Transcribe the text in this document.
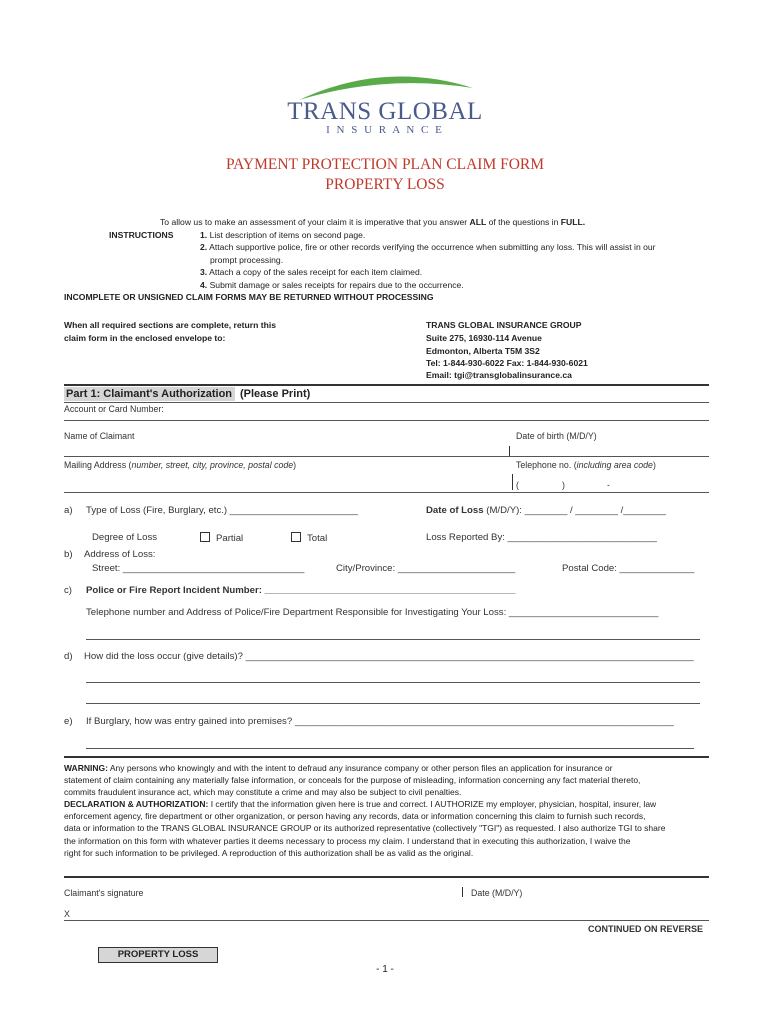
TRANS GLOBAL
I N S U R A N C E
PAYMENT PROTECTION PLAN CLAIM FORM
PROPERTY LOSS
To allow us to make an assessment of your claim it is imperative that you answer ALL of the questions in FULL.
INSTRUCTIONS	1. List description of items on second page.
2. Attach supportive police, fire or other records verifying the occurrence when submitting any loss. This will assist in our
prompt processing.
3. Attach a copy of the sales receipt for each item claimed.
4. Submit damage or sales receipts for repairs due to the occurrence.
INCOMPLETE OR UNSIGNED CLAIM FORMS MAY BE RETURNED WITHOUT PROCESSING
When all required sections are complete, return this
claim form in the enclosed envelope to:
TRANS GLOBAL INSURANCE GROUP
Suite 275, 16930-114 Avenue
Edmonton, Alberta T5M 3S2
Tel: 1-844-930-6022 Fax: 1-844-930-6021
Email: tgi@transglobalinsurance.ca
Part 1: Claimant's Authorization (Please Print)
Account or Card Number:
Name of Claimant	Date of birth (M/D/Y)
Mailing Address (number, street, city, province, postal code)	Telephone no. (including area code)
(	)	-
a) Type of Loss (Fire, Burglary, etc.) ________________________	Date of Loss (M/D/Y): ________ / ________ /________
Degree of Loss	Partial	Total	Loss Reported By: ____________________________
b) Address of Loss:
Street: __________________________________	City/Province: ______________________	Postal Code: ______________
c) Police or Fire Report Incident Number: _______________________________________________
Telephone number and Address of Police/Fire Department Responsible for Investigating Your Loss: ____________________________
d) How did the loss occur (give details)? ____________________________________________________________________________________
e) If Burglary, how was entry gained into premises? _______________________________________________________________________
WARNING: Any persons who knowingly and with the intent to defraud any insurance company or other person files an application for insurance or
statement of claim containing any materially false information, or conceals for the purpose of misleading, information concerning any fact material thereto,
commits fraudulent insurance act, which may constitute a crime and may also be subject to civil penalties.
DECLARATION & AUTHORIZATION: I certify that the information given here is true and correct. I AUTHORIZE my employer, physician, hospital, insurer, law
enforcement agency, fire department or other organization, or person having any records, data or information concerning this claim to furnish such records,
data or information to the TRANS GLOBAL INSURANCE GROUP or its authorized representative (collectively "TGI") as requested. I also authorize TGI to share
the information on this form with whatever parties it deems necessary to process my claim. I understand that in executing this authorization, I waive the
right for such information to be privileged. A reproduction of this authorization shall be as valid as the original.
Claimant's signature	Date (M/D/Y)
X
CONTINUED ON REVERSE
PROPERTY LOSS
- 1 -
